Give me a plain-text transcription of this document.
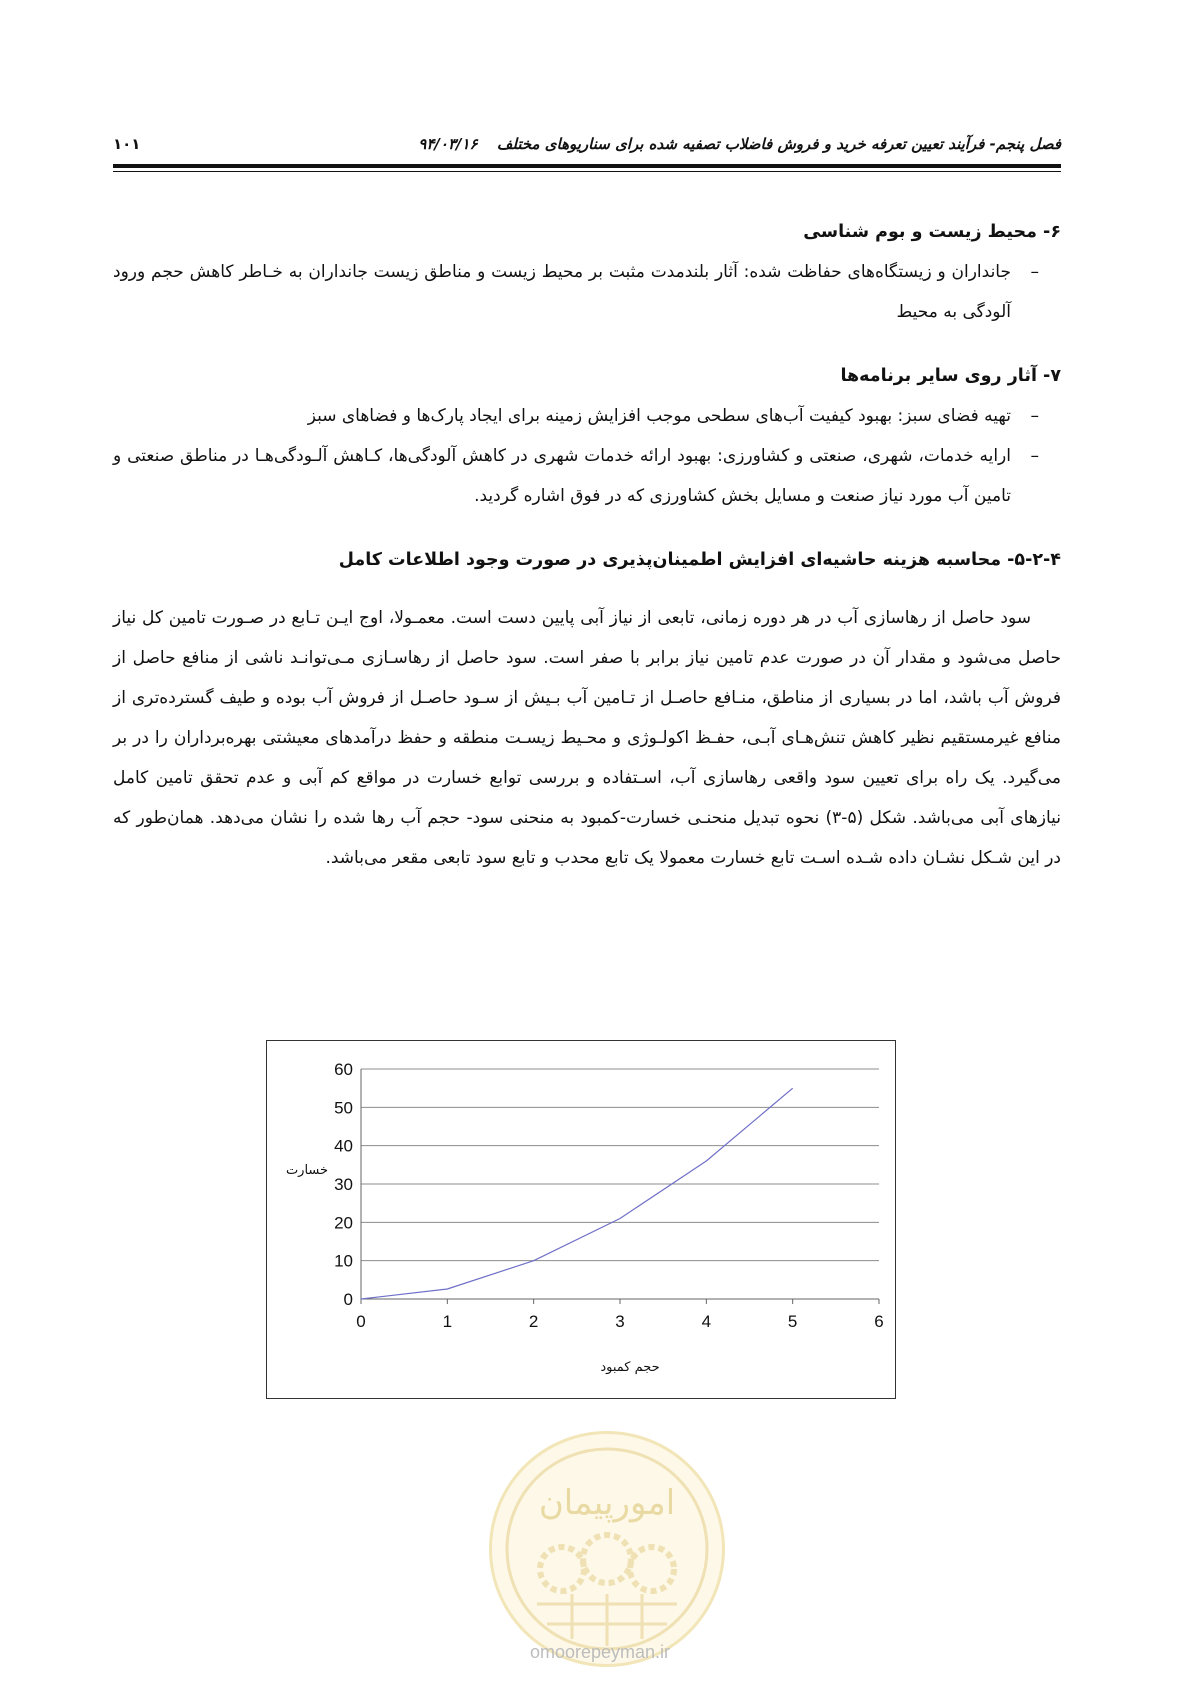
فصل پنجم- فرآیند تعیین تعرفه خرید و فروش فاضلاب تصفیه شده برای سناریوهای مختلف ۹۴/۰۳/۱۶
۱۰۱
۶- محیط زیست و بوم شناسی
–
جانداران و زیستگاه‌های حفاظت شده: آثار بلندمدت مثبت بر محیط زیست و مناطق زیست جانداران به خـاطر کاهش حجم ورود آلودگی به محیط
۷- آثار روی سایر برنامه‌ها
–
تهیه فضای سبز: بهبود کیفیت آب‌های سطحی موجب افزایش زمینه برای ایجاد پارک‌ها و فضاهای سبز
–
ارایه خدمات، شهری، صنعتی و کشاورزی: بهبود ارائه خدمات شهری در کاهش آلودگی‌ها، کـاهش آلـودگی‌هـا در مناطق صنعتی و تامین آب مورد نیاز صنعت و مسایل بخش کشاورزی که در فوق اشاره گردید.
۵-۲-۴- محاسبه هزینه حاشیه‌ای افزایش اطمینان‌پذیری در صورت وجود اطلاعات کامل

سود حاصل از رهاسازی آب در هر دوره زمانی، تابعی از نیاز آبی پایین دست است. معمـولا، اوج ایـن تـابع در صـورت تامین کل نیاز حاصل می‌شود و مقدار آن در صورت عدم تامین نیاز برابر با صفر است. سود حاصل از رهاسـازی مـی‌توانـد ناشی از منافع حاصل از فروش آب باشد، اما در بسیاری از مناطق، منـافع حاصـل از تـامین آب بـیش از سـود حاصـل از فروش آب بوده و طیف گسترده‌تری از منافع غیرمستقیم نظیر کاهش تنش‌هـای آبـی، حفـظ اکولـوژی و محـیط زیسـت منطقه و حفظ درآمدهای معیشتی بهره‌برداران را در بر می‌گیرد. یک راه برای تعیین سود واقعی رهاسازی آب، اسـتفاده و بررسی توابع خسارت در مواقع کم آبی و عدم تحقق تامین کامل نیازهای آبی می‌باشد. شکل (۵-۳) نحوه تبدیل منحنـی خسارت-کمبود به منحنی سود- حجم آب رها شده را نشان می‌دهد. همان‌طور که در این شـکل نشـان داده شـده اسـت تابع خسارت معمولا یک تابع محدب و تابع سود تابعی مقعر می‌باشد.

0
10
20
30
40
50
60
0	1	2	3	4	5	6
حجم کمبود
خسارت
امورپیمان
omoorepeyman.ir
